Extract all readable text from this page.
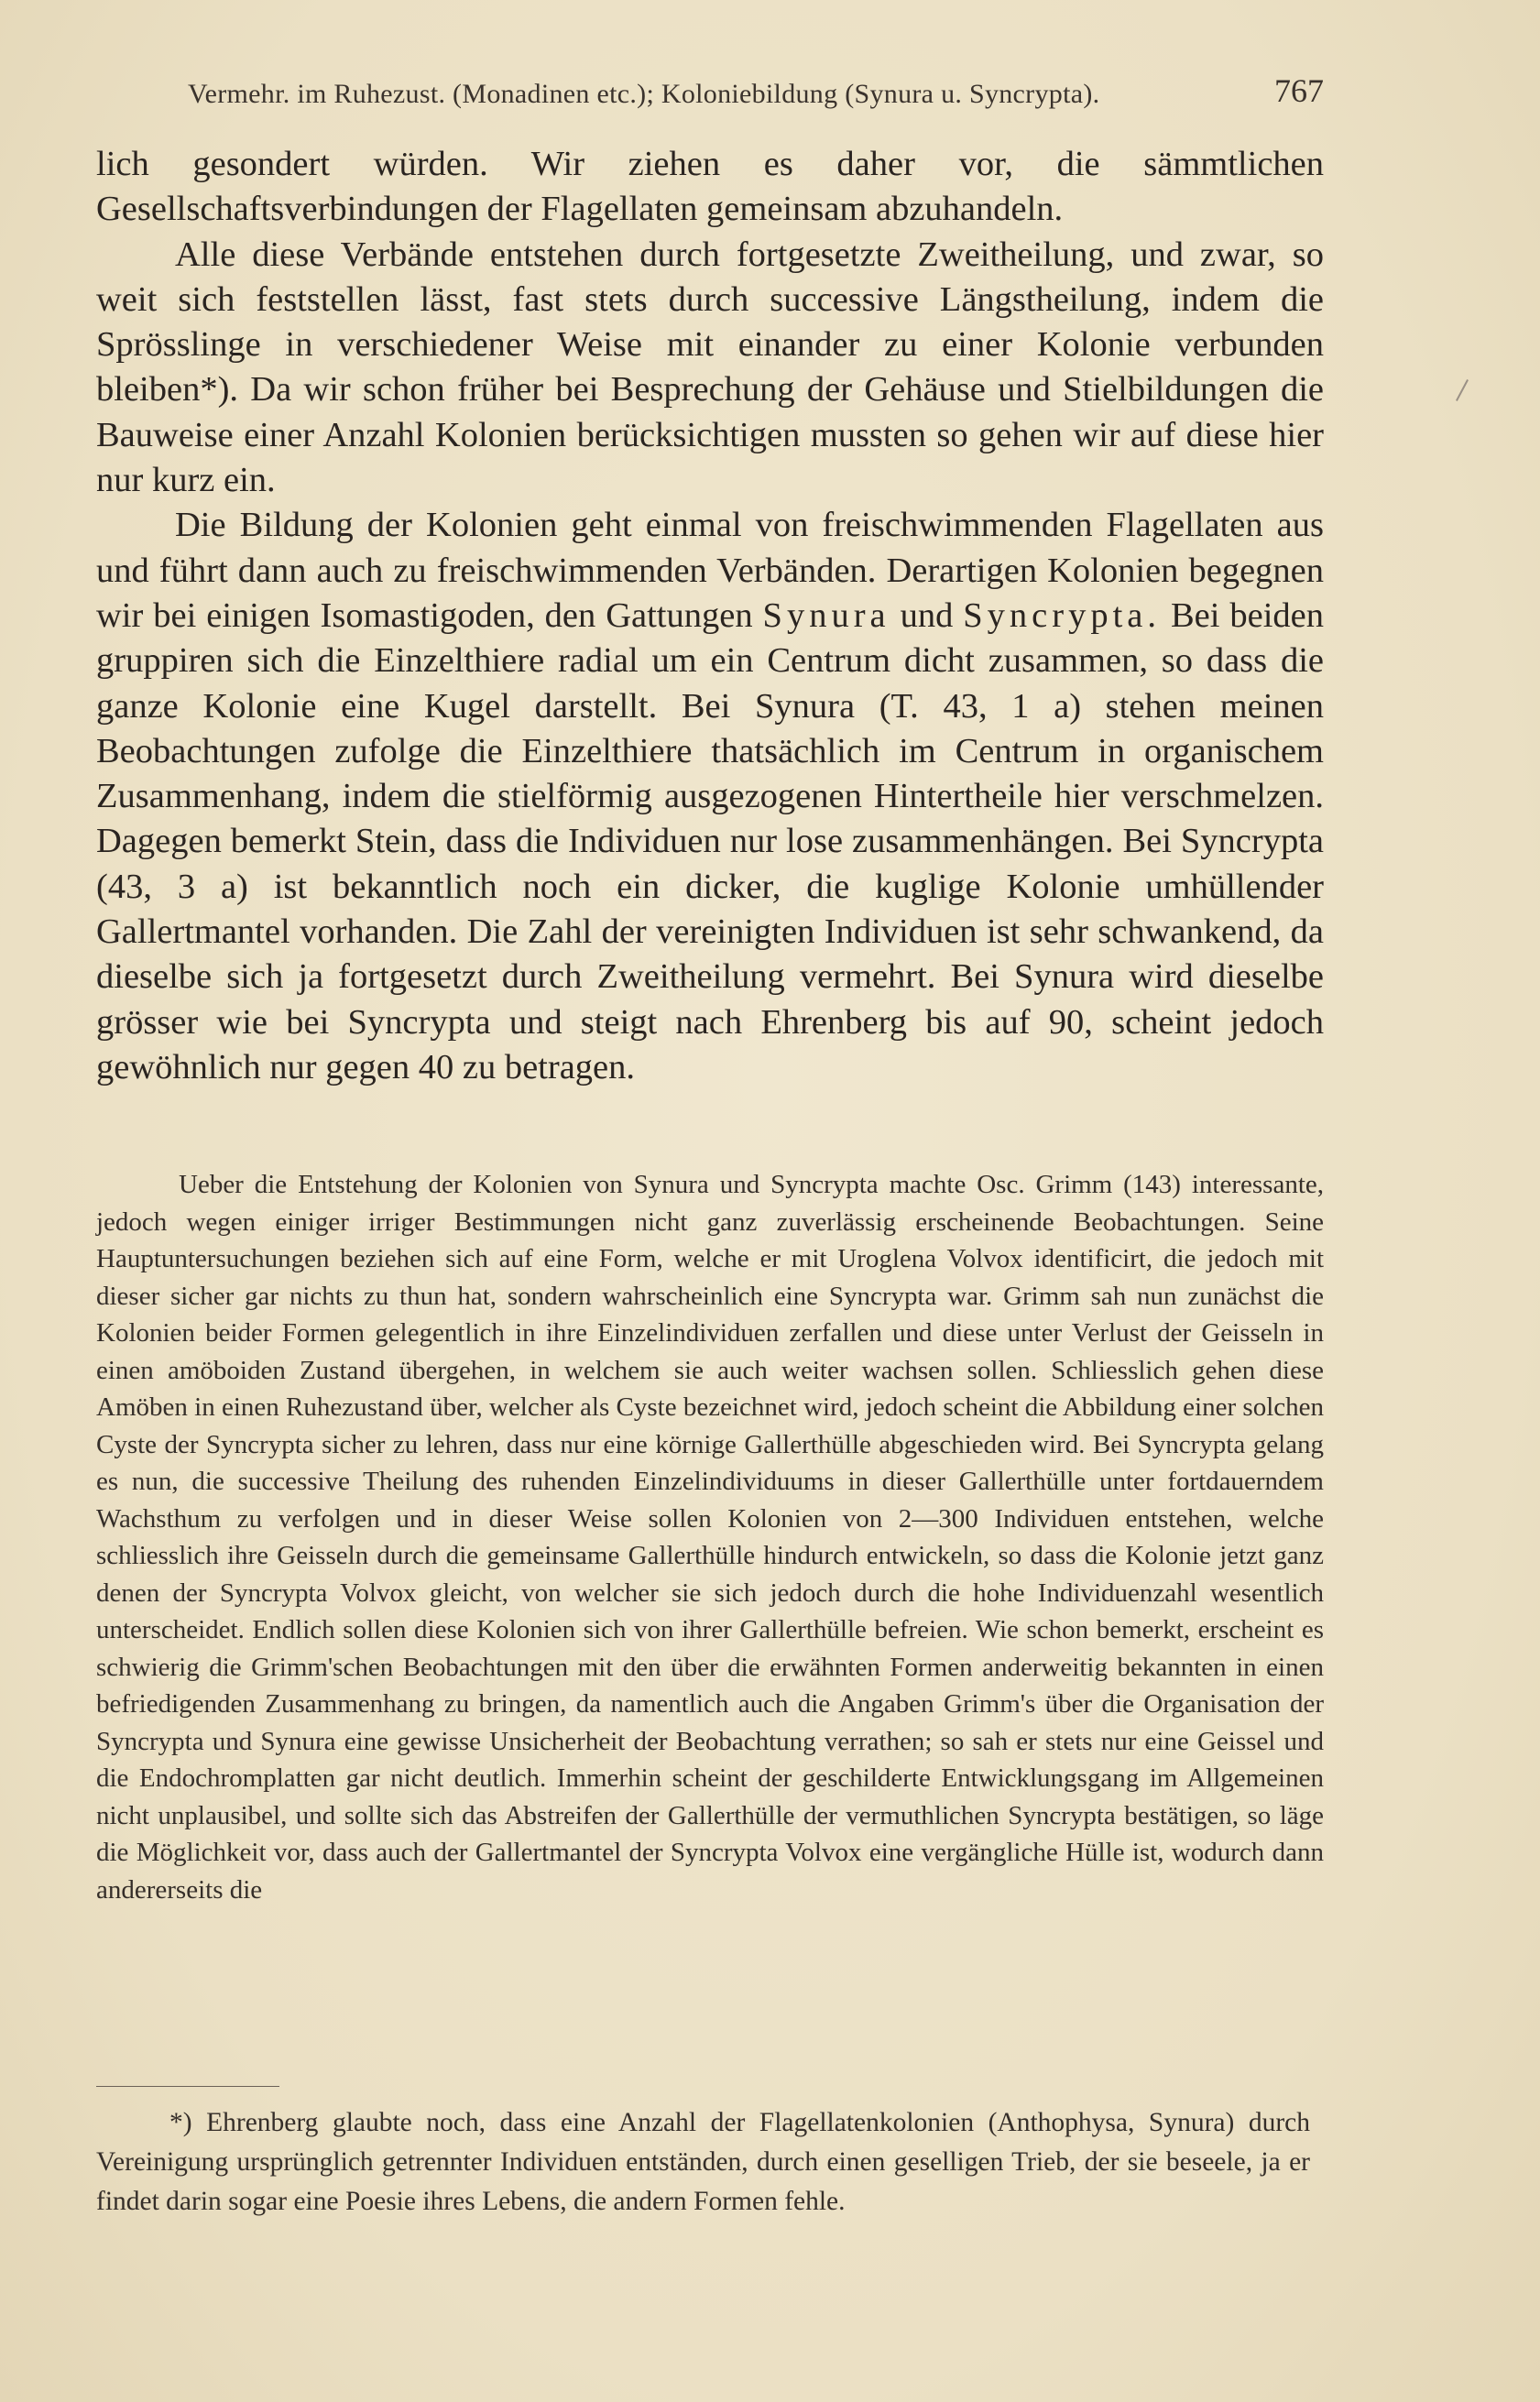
Vermehr. im Ruhezust. (Monadinen etc.); Koloniebildung (Synura u. Syncrypta).	767

lich gesondert würden. Wir ziehen es daher vor, die sämmtlichen Gesellschaftsverbindungen der Flagellaten gemeinsam abzuhandeln.

Alle diese Verbände entstehen durch fortgesetzte Zweitheilung, und zwar, so weit sich feststellen lässt, fast stets durch successive Längstheilung, indem die Sprösslinge in verschiedener Weise mit einander zu einer Kolonie verbunden bleiben*). Da wir schon früher bei Besprechung der Gehäuse und Stielbildungen die Bauweise einer Anzahl Kolonien berücksichtigen mussten so gehen wir auf diese hier nur kurz ein.

Die Bildung der Kolonien geht einmal von freischwimmenden Flagellaten aus und führt dann auch zu freischwimmenden Verbänden. Derartigen Kolonien begegnen wir bei einigen Isomastigoden, den Gattungen Synura und Syncrypta. Bei beiden gruppiren sich die Einzelthiere radial um ein Centrum dicht zusammen, so dass die ganze Kolonie eine Kugel darstellt. Bei Synura (T. 43, 1 a) stehen meinen Beobachtungen zufolge die Einzelthiere thatsächlich im Centrum in organischem Zusammenhang, indem die stielförmig ausgezogenen Hintertheile hier verschmelzen. Dagegen bemerkt Stein, dass die Individuen nur lose zusammenhängen. Bei Syncrypta (43, 3 a) ist bekanntlich noch ein dicker, die kuglige Kolonie umhüllender Gallertmantel vorhanden. Die Zahl der vereinigten Individuen ist sehr schwankend, da dieselbe sich ja fortgesetzt durch Zweitheilung vermehrt. Bei Synura wird dieselbe grösser wie bei Syncrypta und steigt nach Ehrenberg bis auf 90, scheint jedoch gewöhnlich nur gegen 40 zu betragen.

Ueber die Entstehung der Kolonien von Synura und Syncrypta machte Osc. Grimm (143) interessante, jedoch wegen einiger irriger Bestimmungen nicht ganz zuverlässig erscheinende Beobachtungen. Seine Hauptuntersuchungen beziehen sich auf eine Form, welche er mit Uroglena Volvox identificirt, die jedoch mit dieser sicher gar nichts zu thun hat, sondern wahrscheinlich eine Syncrypta war. Grimm sah nun zunächst die Kolonien beider Formen gelegentlich in ihre Einzelindividuen zerfallen und diese unter Verlust der Geisseln in einen amöboiden Zustand übergehen, in welchem sie auch weiter wachsen sollen. Schliesslich gehen diese Amöben in einen Ruhezustand über, welcher als Cyste bezeichnet wird, jedoch scheint die Abbildung einer solchen Cyste der Syncrypta sicher zu lehren, dass nur eine körnige Gallerthülle abgeschieden wird. Bei Syncrypta gelang es nun, die successive Theilung des ruhenden Einzelindividuums in dieser Gallerthülle unter fortdauerndem Wachsthum zu verfolgen und in dieser Weise sollen Kolonien von 2—300 Individuen entstehen, welche schliesslich ihre Geisseln durch die gemeinsame Gallerthülle hindurch entwickeln, so dass die Kolonie jetzt ganz denen der Syncrypta Volvox gleicht, von welcher sie sich jedoch durch die hohe Individuenzahl wesentlich unterscheidet. Endlich sollen diese Kolonien sich von ihrer Gallerthülle befreien. Wie schon bemerkt, erscheint es schwierig die Grimm'schen Beobachtungen mit den über die erwähnten Formen anderweitig bekannten in einen befriedigenden Zusammenhang zu bringen, da namentlich auch die Angaben Grimm's über die Organisation der Syncrypta und Synura eine gewisse Unsicherheit der Beobachtung verrathen; so sah er stets nur eine Geissel und die Endochromplatten gar nicht deutlich. Immerhin scheint der geschilderte Entwicklungsgang im Allgemeinen nicht unplausibel, und sollte sich das Abstreifen der Gallerthülle der vermuthlichen Syncrypta bestätigen, so läge die Möglichkeit vor, dass auch der Gallertmantel der Syncrypta Volvox eine vergängliche Hülle ist, wodurch dann andererseits die
*) Ehrenberg glaubte noch, dass eine Anzahl der Flagellatenkolonien (Anthophysa, Synura) durch Vereinigung ursprünglich getrennter Individuen entständen, durch einen geselligen Trieb, der sie beseele, ja er findet darin sogar eine Poesie ihres Lebens, die andern Formen fehle.
